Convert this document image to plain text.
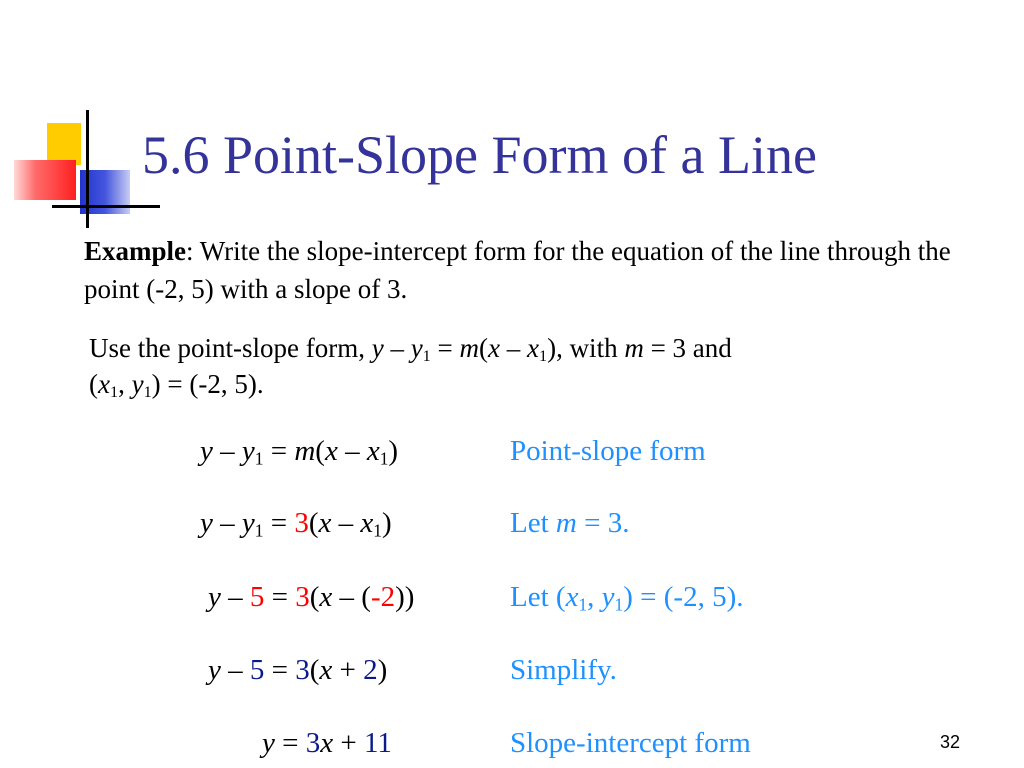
5.6 Point-Slope Form of a Line
Example: Write the slope-intercept form for the equation of the line through the point (-2, 5) with a slope of 3.
Use the point-slope form, $y - y_1 = m(x - x_1)$, with m = 3 and
($x_1$, $y_1) = (-2$, 5).
$y - y_1 = m(x - x_1)$	Point-slope form
$y - y_1 = 3(x - x_1)$	Let m = 3.
y – 5 = 3(x – (-2))	Let ($x_1$, $y_1) = (-2$, 5).
y – 5 = 3(x + 2)	Simplify.
y = 3x + 11	Slope-intercept form	32
